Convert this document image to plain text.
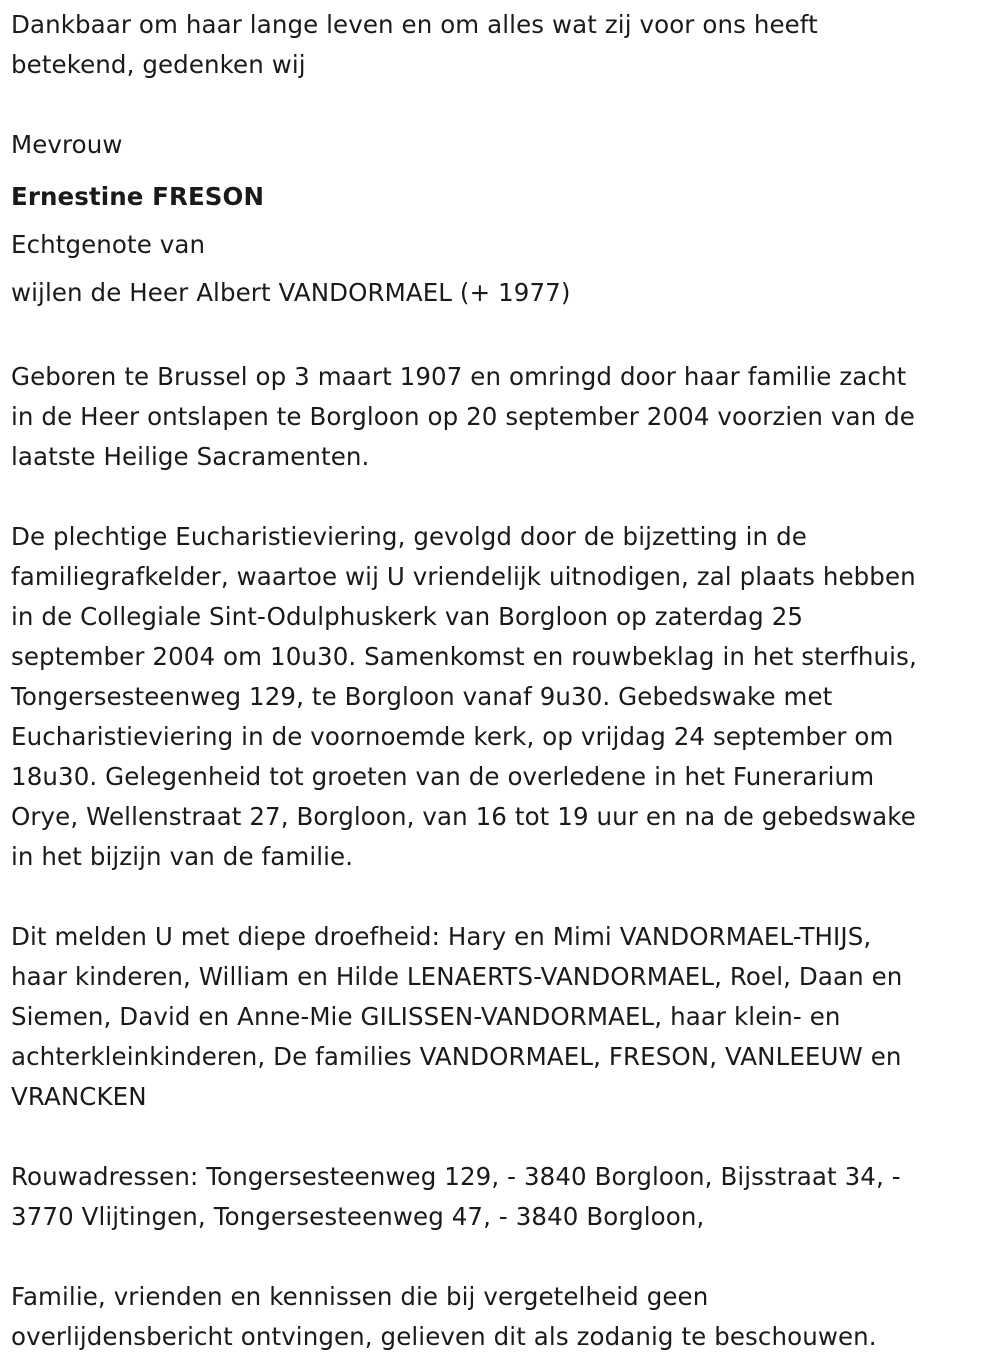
Dankbaar om haar lange leven en om alles wat zij voor ons heeft
betekend, gedenken wij
Mevrouw
Ernestine FRESON
Echtgenote van
wijlen de Heer Albert VANDORMAEL (+ 1977)
Geboren te Brussel op 3 maart 1907 en omringd door haar familie zacht
in de Heer ontslapen te Borgloon op 20 september 2004 voorzien van de
laatste Heilige Sacramenten.
De plechtige Eucharistieviering, gevolgd door de bijzetting in de
familiegrafkelder, waartoe wij U vriendelijk uitnodigen, zal plaats hebben
in de Collegiale Sint-Odulphuskerk van Borgloon op zaterdag 25
september 2004 om 10u30. Samenkomst en rouwbeklag in het sterfhuis,
Tongersesteenweg 129, te Borgloon vanaf 9u30. Gebedswake met
Eucharistieviering in de voornoemde kerk, op vrijdag 24 september om
18u30. Gelegenheid tot groeten van de overledene in het Funerarium
Orye, Wellenstraat 27, Borgloon, van 16 tot 19 uur en na de gebedswake
in het bijzijn van de familie.
Dit melden U met diepe droefheid: Hary en Mimi VANDORMAEL-THIJS,
haar kinderen, William en Hilde LENAERTS-VANDORMAEL, Roel, Daan en
Siemen, David en Anne-Mie GILISSEN-VANDORMAEL, haar klein- en
achterkleinkinderen, De families VANDORMAEL, FRESON, VANLEEUW en
VRANCKEN
Rouwadressen: Tongersesteenweg 129, - 3840 Borgloon, Bijsstraat 34, -
3770 Vlijtingen, Tongersesteenweg 47, - 3840 Borgloon,
Familie, vrienden en kennissen die bij vergetelheid geen
overlijdensbericht ontvingen, gelieven dit als zodanig te beschouwen.
